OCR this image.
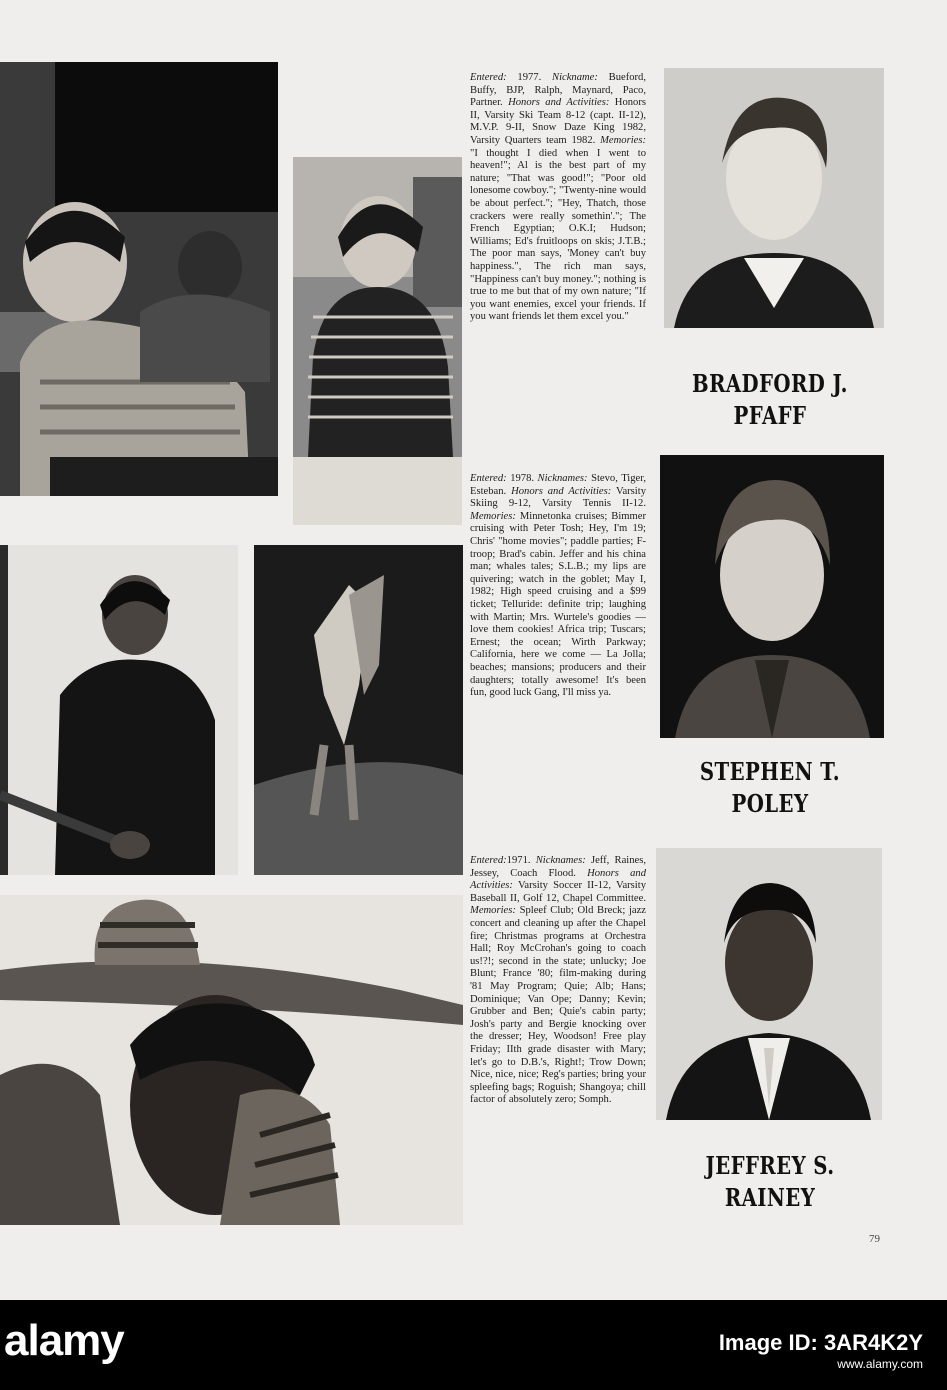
Entered: 1977. Nickname: Bueford, Buffy, BJP, Ralph, Maynard, Paco, Partner. Honors and Activities: Honors II, Varsity Ski Team 8-12 (capt. II-12), M.V.P. 9-II, Snow Daze King 1982, Varsity Quarters team 1982. Memories: "I thought I died when I went to heaven!"; Al is the best part of my nature; "That was good!"; "Poor old lonesome cowboy."; "Twenty-nine would be about perfect."; "Hey, Thatch, those crackers were really somethin'."; The French Egyptian; O.K.I; Hudson; Williams; Ed's fruitloops on skis; J.T.B.; The poor man says, 'Money can't buy happiness.", The rich man says, "Happiness can't buy money."; nothing is true to me but that of my own nature; "If you want enemies, excel your friends. If you want friends let them excel you."
Entered: 1978. Nicknames: Stevo, Tiger, Esteban. Honors and Activities: Varsity Skiing 9-12, Varsity Tennis II-12. Memories: Minnetonka cruises; Bimmer cruising with Peter Tosh; Hey, I'm 19; Chris' "home movies"; paddle parties; F-troop; Brad's cabin. Jeffer and his china man; whales tales; S.L.B.; my lips are quivering; watch in the goblet; May I, 1982; High speed cruising and a $99 ticket; Telluride: definite trip; laughing with Martin; Mrs. Wurtele's goodies — love them cookies! Africa trip; Tuscars; Ernest; the ocean; Wirth Parkway; California, here we come — La Jolla; beaches; mansions; producers and their daughters; totally awesome! It's been fun, good luck Gang, I'll miss ya.
Entered:1971. Nicknames: Jeff, Raines, Jessey, Coach Flood. Honors and Activities: Varsity Soccer II-12, Varsity Baseball II, Golf 12, Chapel Committee. Memories: Spleef Club; Old Breck; jazz concert and cleaning up after the Chapel fire; Christmas programs at Orchestra Hall; Roy McCrohan's going to coach us!?!; second in the state; unlucky; Joe Blunt; France '80; film-making during '81 May Program; Quie; Alb; Hans; Dominique; Van Ope; Danny; Kevin; Grubber and Ben; Quie's cabin party; Josh's party and Bergie knocking over the dresser; Hey, Woodson! Free play Friday; IIth grade disaster with Mary; let's go to D.B.'s, Right!; Trow Down; Nice, nice, nice; Reg's parties; bring your spleefing bags; Roguish; Shangoya; chill factor of absolutely zero; Somph.
BRADFORD J.
PFAFF
STEPHEN T.
POLEY
JEFFREY S.
RAINEY
79
alamy	Image ID: 3AR4K2Y
www.alamy.com
